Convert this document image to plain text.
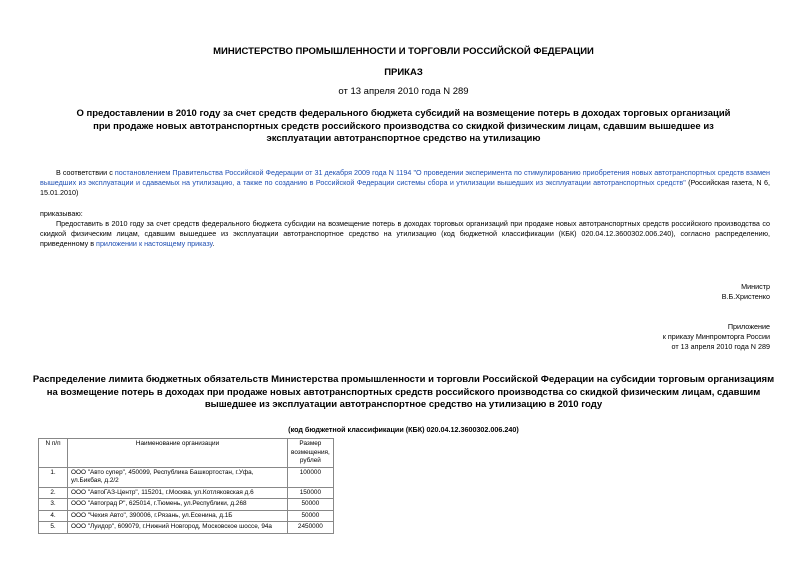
МИНИСТЕРСТВО ПРОМЫШЛЕННОСТИ И ТОРГОВЛИ РОССИЙСКОЙ ФЕДЕРАЦИИ
ПРИКАЗ
от 13 апреля 2010 года N 289
О предоставлении в 2010 году за счет средств федерального бюджета субсидий на возмещение потерь в доходах торговых организаций при продаже новых автотранспортных средств российского производства со скидкой физическим лицам, сдавшим вышедшее из эксплуатации автотранспортное средство на утилизацию
В соответствии с постановлением Правительства Российской Федерации от 31 декабря 2009 года N 1194 "О проведении эксперимента по стимулированию приобретения новых автотранспортных средств взамен вышедших из эксплуатации и сдаваемых на утилизацию, а также по созданию в Российской Федерации системы сбора и утилизации вышедших из эксплуатации автотранспортных средств" (Российская газета, N 6, 15.01.2010)
приказываю:
Предоставить в 2010 году за счет средств федерального бюджета субсидии на возмещение потерь в доходах торговых организаций при продаже новых автотранспортных средств российского производства со скидкой физическим лицам, сдавшим вышедшее из эксплуатации автотранспортное средство на утилизацию (код бюджетной классификации (КБК) 020.04.12.3600302.006.240), согласно распределению, приведенному в приложении к настоящему приказу.
Министр
В.Б.Христенко
Приложение
к приказу Минпромторга России
от 13 апреля 2010 года N 289
Распределение лимита бюджетных обязательств Министерства промышленности и торговли Российской Федерации на субсидии торговым организациям на возмещение потерь в доходах при продаже новых автотранспортных средств российского производства со скидкой физическим лицам, сдавшим вышедшее из эксплуатации автотранспортное средство на утилизацию в 2010 году
(код бюджетной классификации (КБК) 020.04.12.3600302.006.240)
N п/п	Наименование организации	Размер возмещения, рублей
1.	ООО "Авто супер", 450099, Республика Башкортостан, г.Уфа, ул.Бикбая, д.2/2	100000
2.	ООО "АвтоГАЗ-Центр", 115201, г.Москва, ул.Котляковская д.6	150000
3.	ООО "Автоград Р", 625014, г.Тюмень, ул.Республики, д.268	50000
4.	ООО "Чехия Авто", 390006, г.Рязань, ул.Есенина, д.1Б	50000
5.	ООО "Луидор", 609079, г.Нижний Новгород, Московское шоссе, 94а	2450000
